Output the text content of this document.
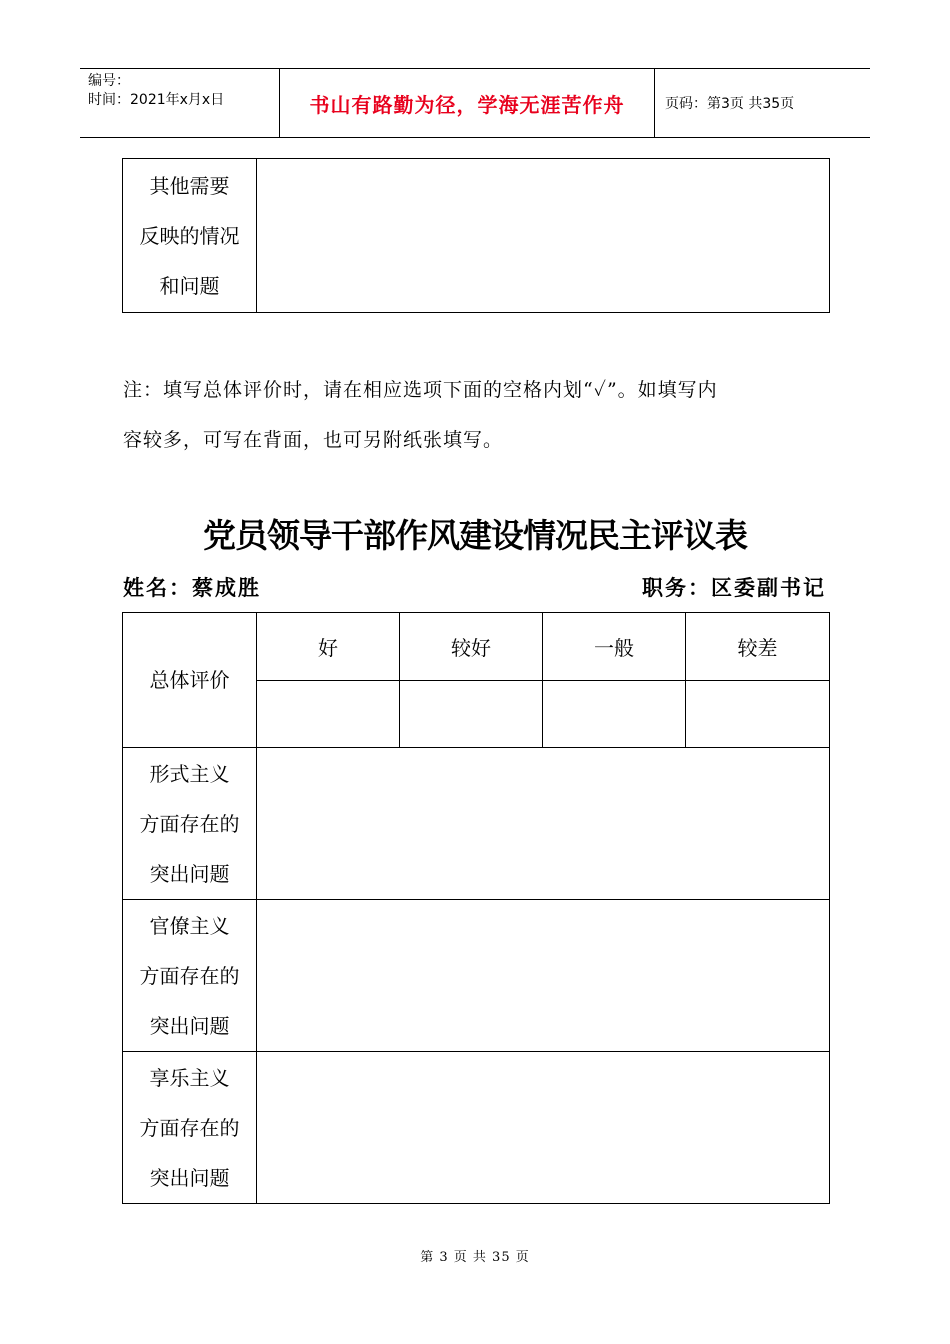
编号：
时间：2021年x月x日	书山有路勤为径，学海无涯苦作舟	页码：第3页 共35页
其他需要
反映的情况
和问题

注：填写总体评价时，请在相应选项下面的空格内划“✓”。如填写内
容较多，可写在背面，也可另附纸张填写。
党员领导干部作风建设情况民主评议表
姓名：蔡成胜	职务：区委副书记
总体评价	好	较好	一般	较差

形式主义
方面存在的
突出问题				

官僚主义
方面存在的
突出问题				

享乐主义
方面存在的
突出问题				

第 3 页 共 35 页
